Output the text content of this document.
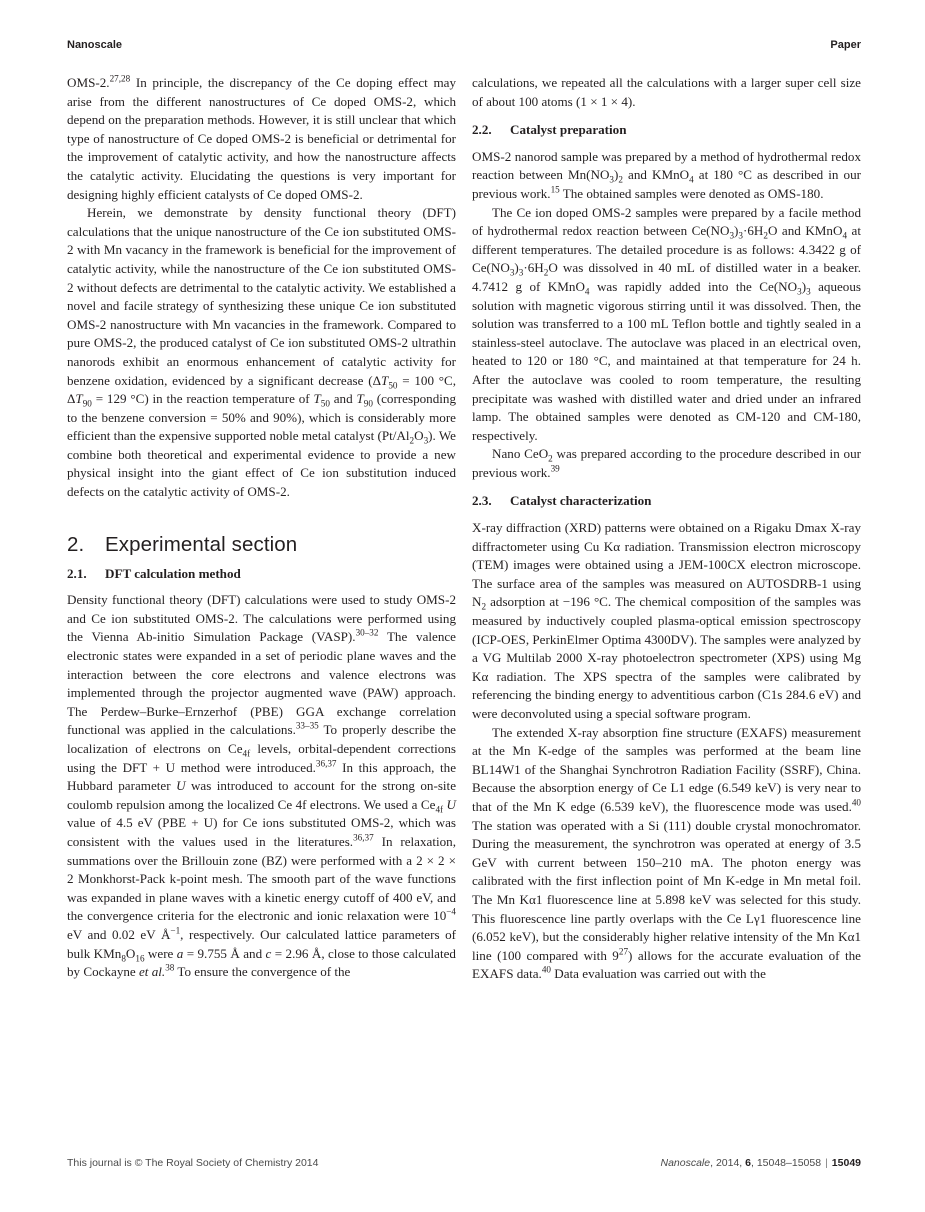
Nanoscale	Paper

OMS-2.$^{27,28}$ In principle, the discrepancy of the Ce doping effect may arise from the different nanostructures of Ce doped OMS-2, which depend on the preparation methods. However, it is still unclear that which type of nanostructure of Ce doped OMS-2 is beneficial or detrimental for the improvement of catalytic activity, and how the nanostructure affects the catalytic activity. Elucidating the questions is very important for designing highly efficient catalysts of Ce doped OMS-2.

Herein, we demonstrate by density functional theory (DFT) calculations that the unique nanostructure of the Ce ion substituted OMS-2 with Mn vacancy in the framework is beneficial for the improvement of catalytic activity, while the nanostructure of the Ce ion substituted OMS-2 without defects are detrimental to the catalytic activity. We established a novel and facile strategy of synthesizing these unique Ce ion substituted OMS-2 nanostructure with Mn vacancies in the framework. Compared to pure OMS-2, the produced catalyst of Ce ion substituted OMS-2 ultrathin nanorods exhibit an enormous enhancement of catalytic activity for benzene oxidation, evidenced by a significant decrease ($\Delta T_{50} = 100$ °C, $\Delta T_{90} = 129$ °C) in the reaction temperature of $T_{50}$ and $T_{90}$ (corresponding to the benzene conversion = 50% and 90%), which is considerably more efficient than the expensive supported noble metal catalyst $(Pt/Al_2O_3)$. We combine both theoretical and experimental evidence to provide a new physical insight into the giant effect of Ce ion substitution induced defects on the catalytic activity of OMS-2.

2. Experimental section
2.1. DFT calculation method

Density functional theory (DFT) calculations were used to study OMS-2 and Ce ion substituted OMS-2. The calculations were performed using the Vienna Ab-initio Simulation Package (VASP).$^{30-32}$ The valence electronic states were expanded in a set of periodic plane waves and the interaction between the core electrons and valence electrons was implemented through the projector augmented wave (PAW) approach. The Perdew–Burke–Ernzerhof (PBE) GGA exchange correlation functional was applied in the calculations.$^{33-35}$ To properly describe the localization of electrons on $Ce_{4f}$ levels, orbital-dependent corrections using the DFT + U method were introduced.$^{36,37}$ In this approach, the Hubbard parameter U was introduced to account for the strong on-site coulomb repulsion among the localized Ce 4f electrons. We used a $Ce_{4f}$ U value of 4.5 eV (PBE + U) for Ce ions substituted OMS-2, which was consistent with the values used in the literatures.$^{36,37}$ In relaxation, summations over the Brillouin zone (BZ) were performed with a 2 × 2 × 2 Monkhorst-Pack k-point mesh. The smooth part of the wave functions was expanded in plane waves with a kinetic energy cutoff of 400 eV, and the convergence criteria for the electronic and ionic relaxation were $10^{-4}$ eV and 0.02 eV $Å^{-1}$, respectively. Our calculated lattice parameters of bulk $KMn_8O_{16}$ were a = 9.755 Å and c = 2.96 Å, close to those calculated by Cockayne et al.$^{38}$ To ensure the convergence of the

calculations, we repeated all the calculations with a larger super cell size of about 100 atoms (1 × 1 × 4).

2.2. Catalyst preparation

OMS-2 nanorod sample was prepared by a method of hydrothermal redox reaction between $Mn(NO_3)_2$ and KMnO$_4$ at 180 °C as described in our previous work.$^{15}$ The obtained samples were denoted as OMS-180.

The Ce ion doped OMS-2 samples were prepared by a facile method of hydrothermal redox reaction between $Ce(NO_3)_3\cdot 6H_2O$ and KMnO$_4$ at different temperatures. The detailed procedure is as follows: 4.3422 g of $Ce(NO_3)_3\cdot 6H_2O$ was dissolved in 40 mL of distilled water in a beaker. 4.7412 g of KMnO$_4$ was rapidly added into the $Ce(NO_3)_3$ aqueous solution with magnetic vigorous stirring until it was dissolved. Then, the solution was transferred to a 100 mL Teflon bottle and tightly sealed in a stainless-steel autoclave. The autoclave was placed in an electrical oven, heated to 120 or 180 °C, and maintained at that temperature for 24 h. After the autoclave was cooled to room temperature, the resulting precipitate was washed with distilled water and dried under an infrared lamp. The obtained samples were denoted as CM-120 and CM-180, respectively.

Nano CeO$_2$ was prepared according to the procedure described in our previous work.$^{39}$

2.3. Catalyst characterization

X-ray diffraction (XRD) patterns were obtained on a Rigaku Dmax X-ray diffractometer using Cu Kα radiation. Transmission electron microscopy (TEM) images were obtained using a JEM-100CX electron microscope. The surface area of the samples was measured on AUTOSDRB-1 using $N_2$ adsorption at −196 °C. The chemical composition of the samples was measured by inductively coupled plasma-optical emission spectroscopy (ICP-OES, PerkinElmer Optima 4300DV). The samples were analyzed by a VG Multilab 2000 X-ray photoelectron spectrometer (XPS) using Mg Kα radiation. The XPS spectra of the samples were calibrated by referencing the binding energy to adventitious carbon (C1s 284.6 eV) and were deconvoluted using a special software program.

The extended X-ray absorption fine structure (EXAFS) measurement at the Mn K-edge of the samples was performed at the beam line BL14W1 of the Shanghai Synchrotron Radiation Facility (SSRF), China. Because the absorption energy of Ce L1 edge (6.549 keV) is very near to that of the Mn K edge (6.539 keV), the fluorescence mode was used.$^{40}$ The station was operated with a Si (111) double crystal monochromator. During the measurement, the synchrotron was operated at energy of 3.5 GeV with current between 150–210 mA. The photon energy was calibrated with the first inflection point of Mn K-edge in Mn metal foil. The Mn Kα1 fluorescence line at 5.898 keV was selected for this study. This fluorescence line partly overlaps with the Ce Lγ1 fluorescence line (6.052 keV), but the considerably higher relative intensity of the Mn Kα1 line (100 compared with $9^{27}$) allows for the accurate evaluation of the EXAFS data.$^{40}$ Data evaluation was carried out with the

This journal is © The Royal Society of Chemistry 2014	Nanoscale, 2014, 6, 15048–15058 | 15049
